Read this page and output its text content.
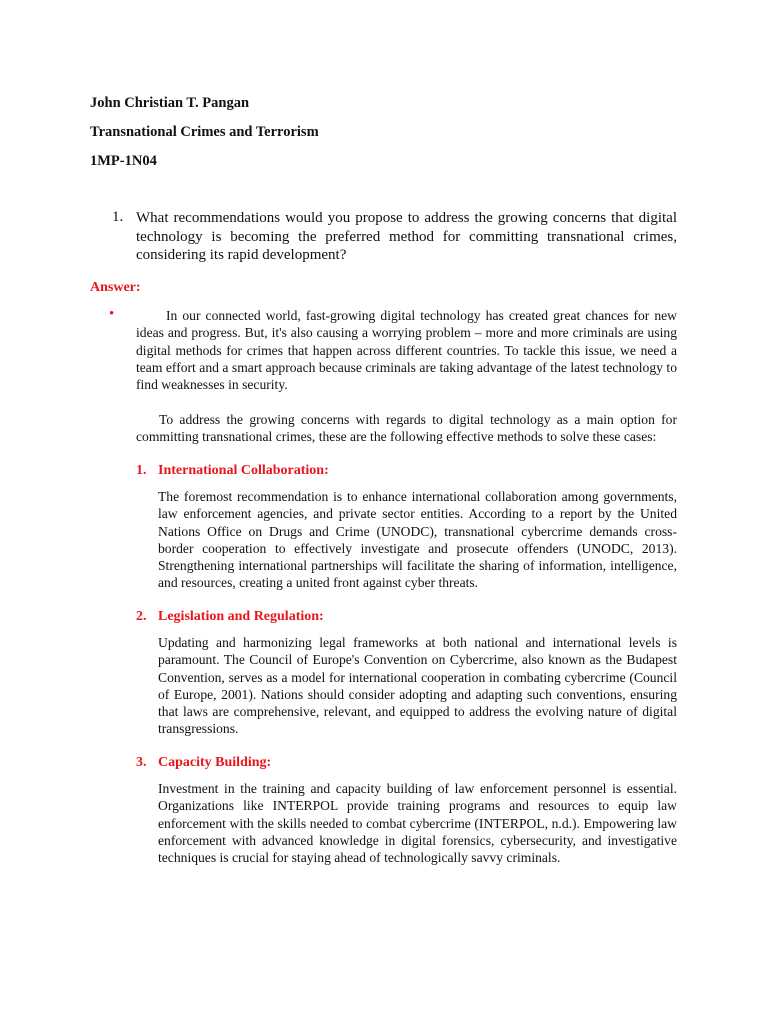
John Christian T. Pangan
Transnational Crimes and Terrorism
1MP-1N04
1. What recommendations would you propose to address the growing concerns that digital technology is becoming the preferred method for committing transnational crimes, considering its rapid development?
Answer:
•	In our connected world, fast-growing digital technology has created great chances for new ideas and progress. But, it's also causing a worrying problem – more and more criminals are using digital methods for crimes that happen across different countries. To tackle this issue, we need a team effort and a smart approach because criminals are taking advantage of the latest technology to find weaknesses in security.
To address the growing concerns with regards to digital technology as a main option for committing transnational crimes, these are the following effective methods to solve these cases:
1. International Collaboration:
The foremost recommendation is to enhance international collaboration among governments, law enforcement agencies, and private sector entities. According to a report by the United Nations Office on Drugs and Crime (UNODC), transnational cybercrime demands cross-border cooperation to effectively investigate and prosecute offenders (UNODC, 2013). Strengthening international partnerships will facilitate the sharing of information, intelligence, and resources, creating a united front against cyber threats.
2. Legislation and Regulation:
Updating and harmonizing legal frameworks at both national and international levels is paramount. The Council of Europe's Convention on Cybercrime, also known as the Budapest Convention, serves as a model for international cooperation in combating cybercrime (Council of Europe, 2001). Nations should consider adopting and adapting such conventions, ensuring that laws are comprehensive, relevant, and equipped to address the evolving nature of digital transgressions.
3. Capacity Building:
Investment in the training and capacity building of law enforcement personnel is essential. Organizations like INTERPOL provide training programs and resources to equip law enforcement with the skills needed to combat cybercrime (INTERPOL, n.d.). Empowering law enforcement with advanced knowledge in digital forensics, cybersecurity, and investigative techniques is crucial for staying ahead of technologically savvy criminals.
